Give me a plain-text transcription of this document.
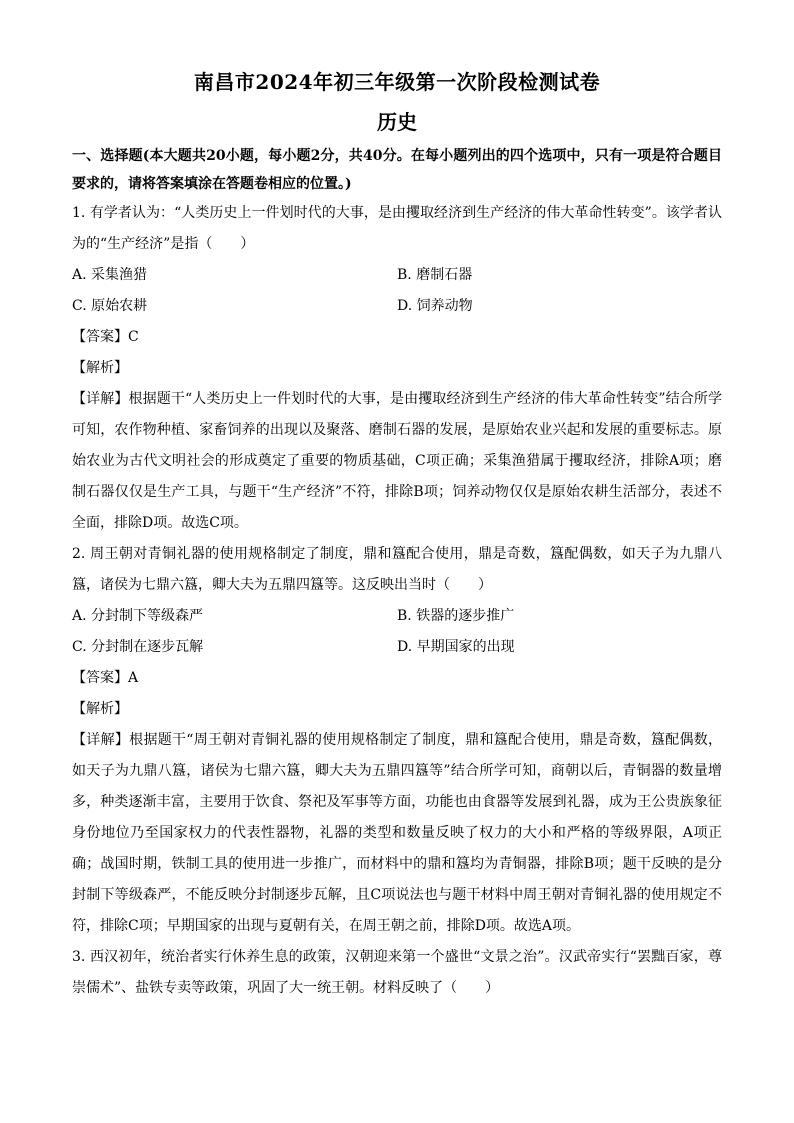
南昌市2024年初三年级第一次阶段检测试卷
历史

一、选择题(本大题共20小题，每小题2分，共40分。在每小题列出的四个选项中，只有一项是符合题目要求的，请将答案填涂在答题卷相应的位置。)

1. 有学者认为：“人类历史上一件划时代的大事，是由攫取经济到生产经济的伟大革命性转变”。该学者认为的“生产经济”是指（　　）

A. 采集渔猎	B. 磨制石器
C. 原始农耕	D. 饲养动物

【答案】C

【解析】

【详解】根据题干“人类历史上一件划时代的大事，是由攫取经济到生产经济的伟大革命性转变”结合所学可知，农作物种植、家畜饲养的出现以及聚落、磨制石器的发展，是原始农业兴起和发展的重要标志。原始农业为古代文明社会的形成奠定了重要的物质基础，C项正确；采集渔猎属于攫取经济，排除A项；磨制石器仅仅是生产工具，与题干“生产经济”不符，排除B项；饲养动物仅仅是原始农耕生活部分，表述不全面，排除D项。故选C项。

2. 周王朝对青铜礼器的使用规格制定了制度，鼎和簋配合使用，鼎是奇数，簋配偶数，如天子为九鼎八簋，诸侯为七鼎六簋，卿大夫为五鼎四簋等。这反映出当时（　　）

A. 分封制下等级森严	B. 铁器的逐步推广
C. 分封制在逐步瓦解	D. 早期国家的出现

【答案】A

【解析】

【详解】根据题干“周王朝对青铜礼器的使用规格制定了制度，鼎和簋配合使用，鼎是奇数，簋配偶数，如天子为九鼎八簋，诸侯为七鼎六簋，卿大夫为五鼎四簋等”结合所学可知，商朝以后，青铜器的数量增多，种类逐渐丰富，主要用于饮食、祭祀及军事等方面，功能也由食器等发展到礼器，成为王公贵族象征身份地位乃至国家权力的代表性器物，礼器的类型和数量反映了权力的大小和严格的等级界限，A项正确；战国时期，铁制工具的使用进一步推广，而材料中的鼎和簋均为青铜器，排除B项；题干反映的是分封制下等级森严，不能反映分封制逐步瓦解，且C项说法也与题干材料中周王朝对青铜礼器的使用规定不符，排除C项；早期国家的出现与夏朝有关，在周王朝之前，排除D项。故选A项。

3. 西汉初年，统治者实行休养生息的政策，汉朝迎来第一个盛世“文景之治”。汉武帝实行“罢黜百家，尊崇儒术”、盐铁专卖等政策，巩固了大一统王朝。材料反映了（　　）
